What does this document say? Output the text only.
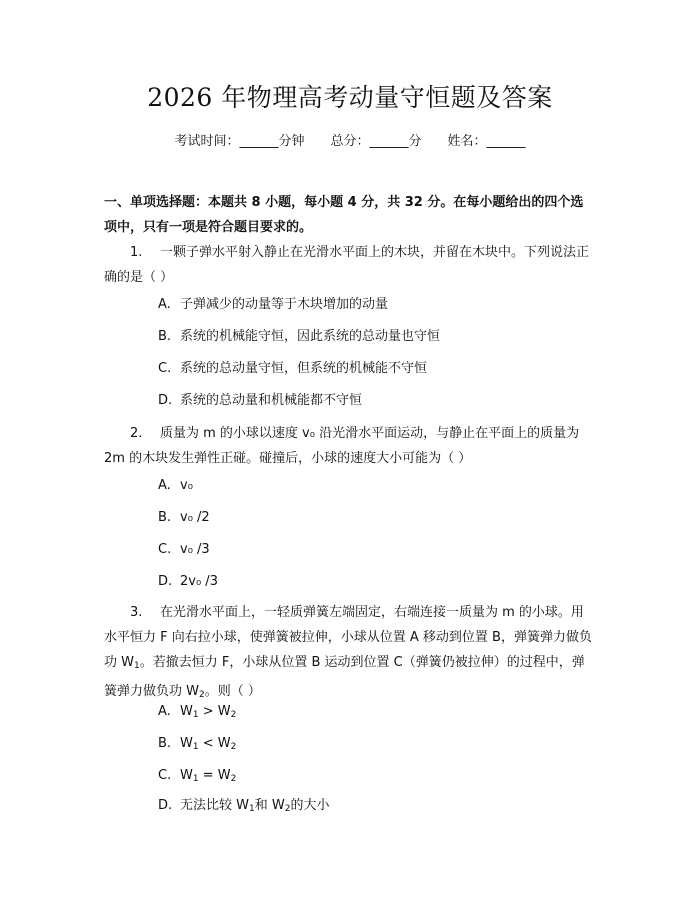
2026 年物理高考动量守恒题及答案
考试时间：______分钟 总分：______分 姓名：______
一、单项选择题：本题共 8 小题，每小题 4 分，共 32 分。在每小题给出的四个选项中，只有一项是符合题目要求的。
1. 一颗子弹水平射入静止在光滑水平面上的木块，并留在木块中。下列说法正确的是（ ）
A. 子弹减少的动量等于木块增加的动量
B. 系统的机械能守恒，因此系统的总动量也守恒
C. 系统的总动量守恒，但系统的机械能不守恒
D. 系统的总动量和机械能都不守恒
2. 质量为 m 的小球以速度 v₀ 沿光滑水平面运动，与静止在平面上的质量为 2m 的木块发生弹性正碰。碰撞后，小球的速度大小可能为（ ）
A. v₀
B. v₀ /2
C. v₀ /3
D. 2v₀ /3
3. 在光滑水平面上，一轻质弹簧左端固定，右端连接一质量为 m 的小球。用水平恒力 F 向右拉小球，使弹簧被拉伸，小球从位置 A 移动到位置 B，弹簧弹力做负功 $W_1$。若撤去恒力 F，小球从位置 B 运动到位置 C（弹簧仍被拉伸）的过程中，弹簧弹力做负功 $W_2$。则（ ）
A. $W_1 > W_2$
B. $W_1 < W_2$
C. $W_1 = W_2$
D. 无法比较 $W_1$和 $W_2$的大小
